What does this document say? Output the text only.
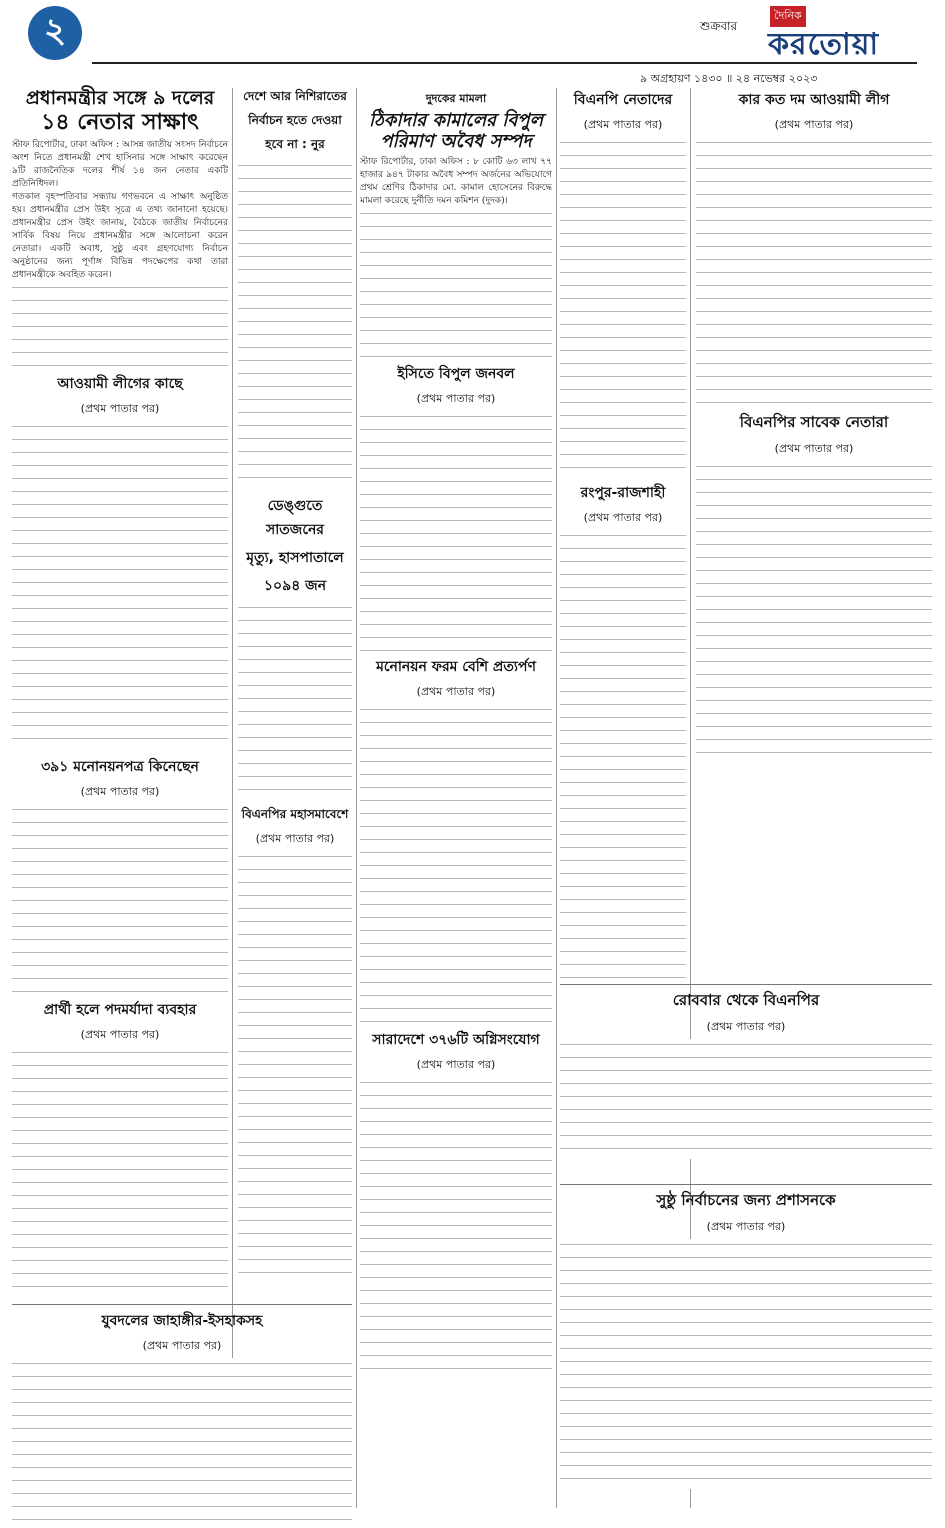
২	শুক্রবার
দৈনিক
করতোয়া
৯ অগ্রহায়ণ ১৪৩০ ॥ ২৪ নভেম্বর ২০২৩
প্রধানমন্ত্রীর সঙ্গে ৯ দলের
১৪ নেতার সাক্ষাৎ

স্টাফ রিপোর্টার, ঢাকা অফিস : আসন্ন জাতীয় সংসদ নির্বাচনে অংশ নিতে প্রধানমন্ত্রী শেখ হাসিনার সঙ্গে সাক্ষাৎ করেছেন ৯টি রাজনৈতিক দলের শীর্ষ ১৪ জন নেতার একটি প্রতিনিধিদল।

গতকাল বৃহস্পতিবার সন্ধ্যায় গণভবনে এ সাক্ষাৎ অনুষ্ঠিত হয়। প্রধানমন্ত্রীর প্রেস উইং সূত্রে এ তথ্য জানানো হয়েছে। প্রধানমন্ত্রীর প্রেস উইং জানায়, বৈঠকে জাতীয় নির্বাচনের সার্বিক বিষয় নিয়ে প্রধানমন্ত্রীর সঙ্গে আলোচনা করেন নেতারা। একটি অবাধ, সুষ্ঠু এবং গ্রহণযোগ্য নির্বাচন অনুষ্ঠানের জন্য পূর্ণাঙ্গ বিভিন্ন পদক্ষেপের কথা তারা প্রধানমন্ত্রীকে অবহিত করেন।

আওয়ামী লীগের কাছে
(প্রথম পাতার পর)
৩৯১ মনোনয়নপত্র কিনেছেন
(প্রথম পাতার পর)
প্রার্থী হলে পদমর্যাদা ব্যবহার
(প্রথম পাতার পর)
দেশে আর নিশিরাতের
নির্বাচন হতে দেওয়া
হবে না : নুর
ডেঙ্গুতে সাতজনের
মৃত্যু, হাসপাতালে
১০৯৪ জন
বিএনপির মহাসমাবেশে
(প্রথম পাতার পর)
দুদকের মামলা
ঠিকাদার কামালের বিপুল
পরিমাণ অবৈধ সম্পদ

স্টাফ রিপোর্টার, ঢাকা অফিস : ৮ কোটি ৬৩ লাখ ৭৭ হাজার ৯৪৭ টাকার অবৈধ সম্পদ অর্জনের অভিযোগে প্রথম শ্রেণির ঠিকাদার মো. কামাল হোসেনের বিরুদ্ধে মামলা করেছে দুর্নীতি দমন কমিশন (দুদক)।

ইসিতে বিপুল জনবল
(প্রথম পাতার পর)
মনোনয়ন ফরম বেশি প্রত্যর্পণ
(প্রথম পাতার পর)
সারাদেশে ৩৭৬টি অগ্নিসংযোগ
(প্রথম পাতার পর)
বিএনপি নেতাদের
(প্রথম পাতার পর)
রংপুর-রাজশাহী
(প্রথম পাতার পর)
কার কত দম আওয়ামী লীগ
(প্রথম পাতার পর)
বিএনপির সাবেক নেতারা
(প্রথম পাতার পর)
রোববার থেকে বিএনপির
(প্রথম পাতার পর)
সুষ্ঠু নির্বাচনের জন্য প্রশাসনকে
(প্রথম পাতার পর)
যুবদলের জাহাঙ্গীর-ইসহাকসহ
(প্রথম পাতার পর)
